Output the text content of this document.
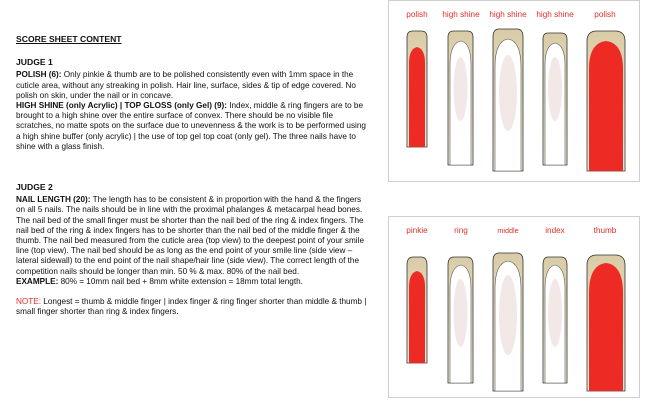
SCORE SHEET CONTENT
JUDGE 1

POLISH (6): Only pinkie & thumb are to be polished consistently even with 1mm space in the cuticle area, without any streaking in polish. Hair line, surface, sides & tip of edge covered. No polish on skin, under the nail or in concave.

HIGH SHINE (only Acrylic) | TOP GLOSS (only Gel) (9): Index, middle & ring fingers are to be brought to a high shine over the entire surface of convex. There should be no visible file scratches, no matte spots on the surface due to unevenness & the work is to be performed using a high shine buffer (only acrylic) | the use of top gel top coat (only gel). The three nails have to shine with a glass finish.

JUDGE 2

NAIL LENGTH (20): The length has to be consistent & in proportion with the hand & the fingers on all 5 nails. The nails should be in line with the proximal phalanges & metacarpal head bones. The nail bed of the small finger must be shorter than the nail bed of the ring & index fingers. The nail bed of the ring & index fingers has to be shorter than the nail bed of the middle finger & the thumb. The nail bed measured from the cuticle area (top view) to the deepest point of your smile line (top view). The nail bed should be as long as the end point of your smile line (side view – lateral sidewall) to the end point of the nail shape/hair line (side view). The correct length of the competition nails should be longer than min. 50 % & max. 80% of the nail bed.

EXAMPLE: 80% = 10mm nail bed + 8mm white extension = 18mm total length.

NOTE: Longest = thumb & middle finger | index finger & ring finger shorter than middle & thumb | small finger shorter than ring & index fingers.

polish high shine high shine high shine	polish
pinkie	ring	middle	index	thumb
